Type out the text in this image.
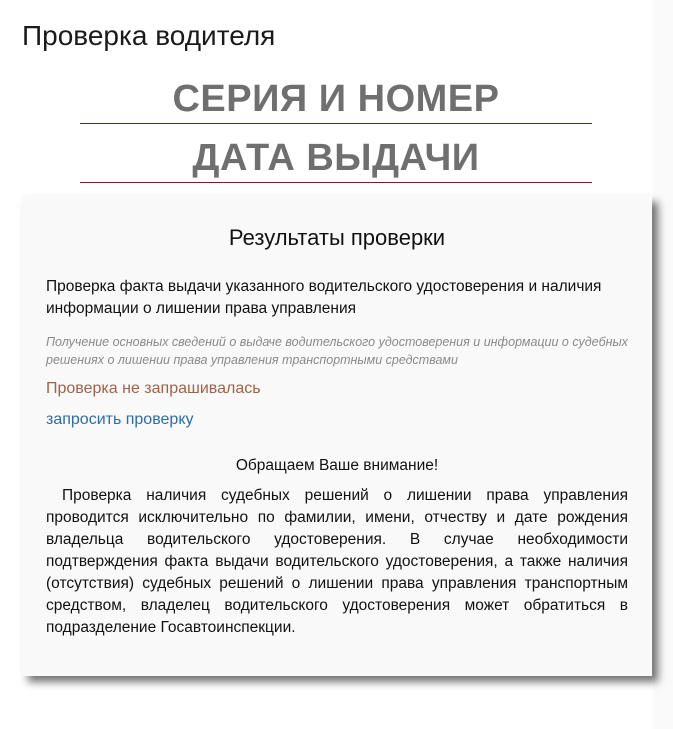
Проверка водителя
СЕРИЯ И НОМЕР
ДАТА ВЫДАЧИ
Результаты проверки
Проверка факта выдачи указанного водительского удостоверения и наличия информации о лишении права управления
Получение основных сведений о выдаче водительского удостоверения и информации о судебных решениях о лишении права управления транспортными средствами
Проверка не запрашивалась
запросить проверку
Обращаем Ваше внимание!
Проверка наличия судебных решений о лишении права управления проводится исключительно по фамилии, имени, отчеству и дате рождения владельца водительского удостоверения. В случае необходимости подтверждения факта выдачи водительского удостоверения, а также наличия (отсутствия) судебных решений о лишении права управления транспортным средством, владелец водительского удостоверения может обратиться в подразделение Госавтоинспекции.
